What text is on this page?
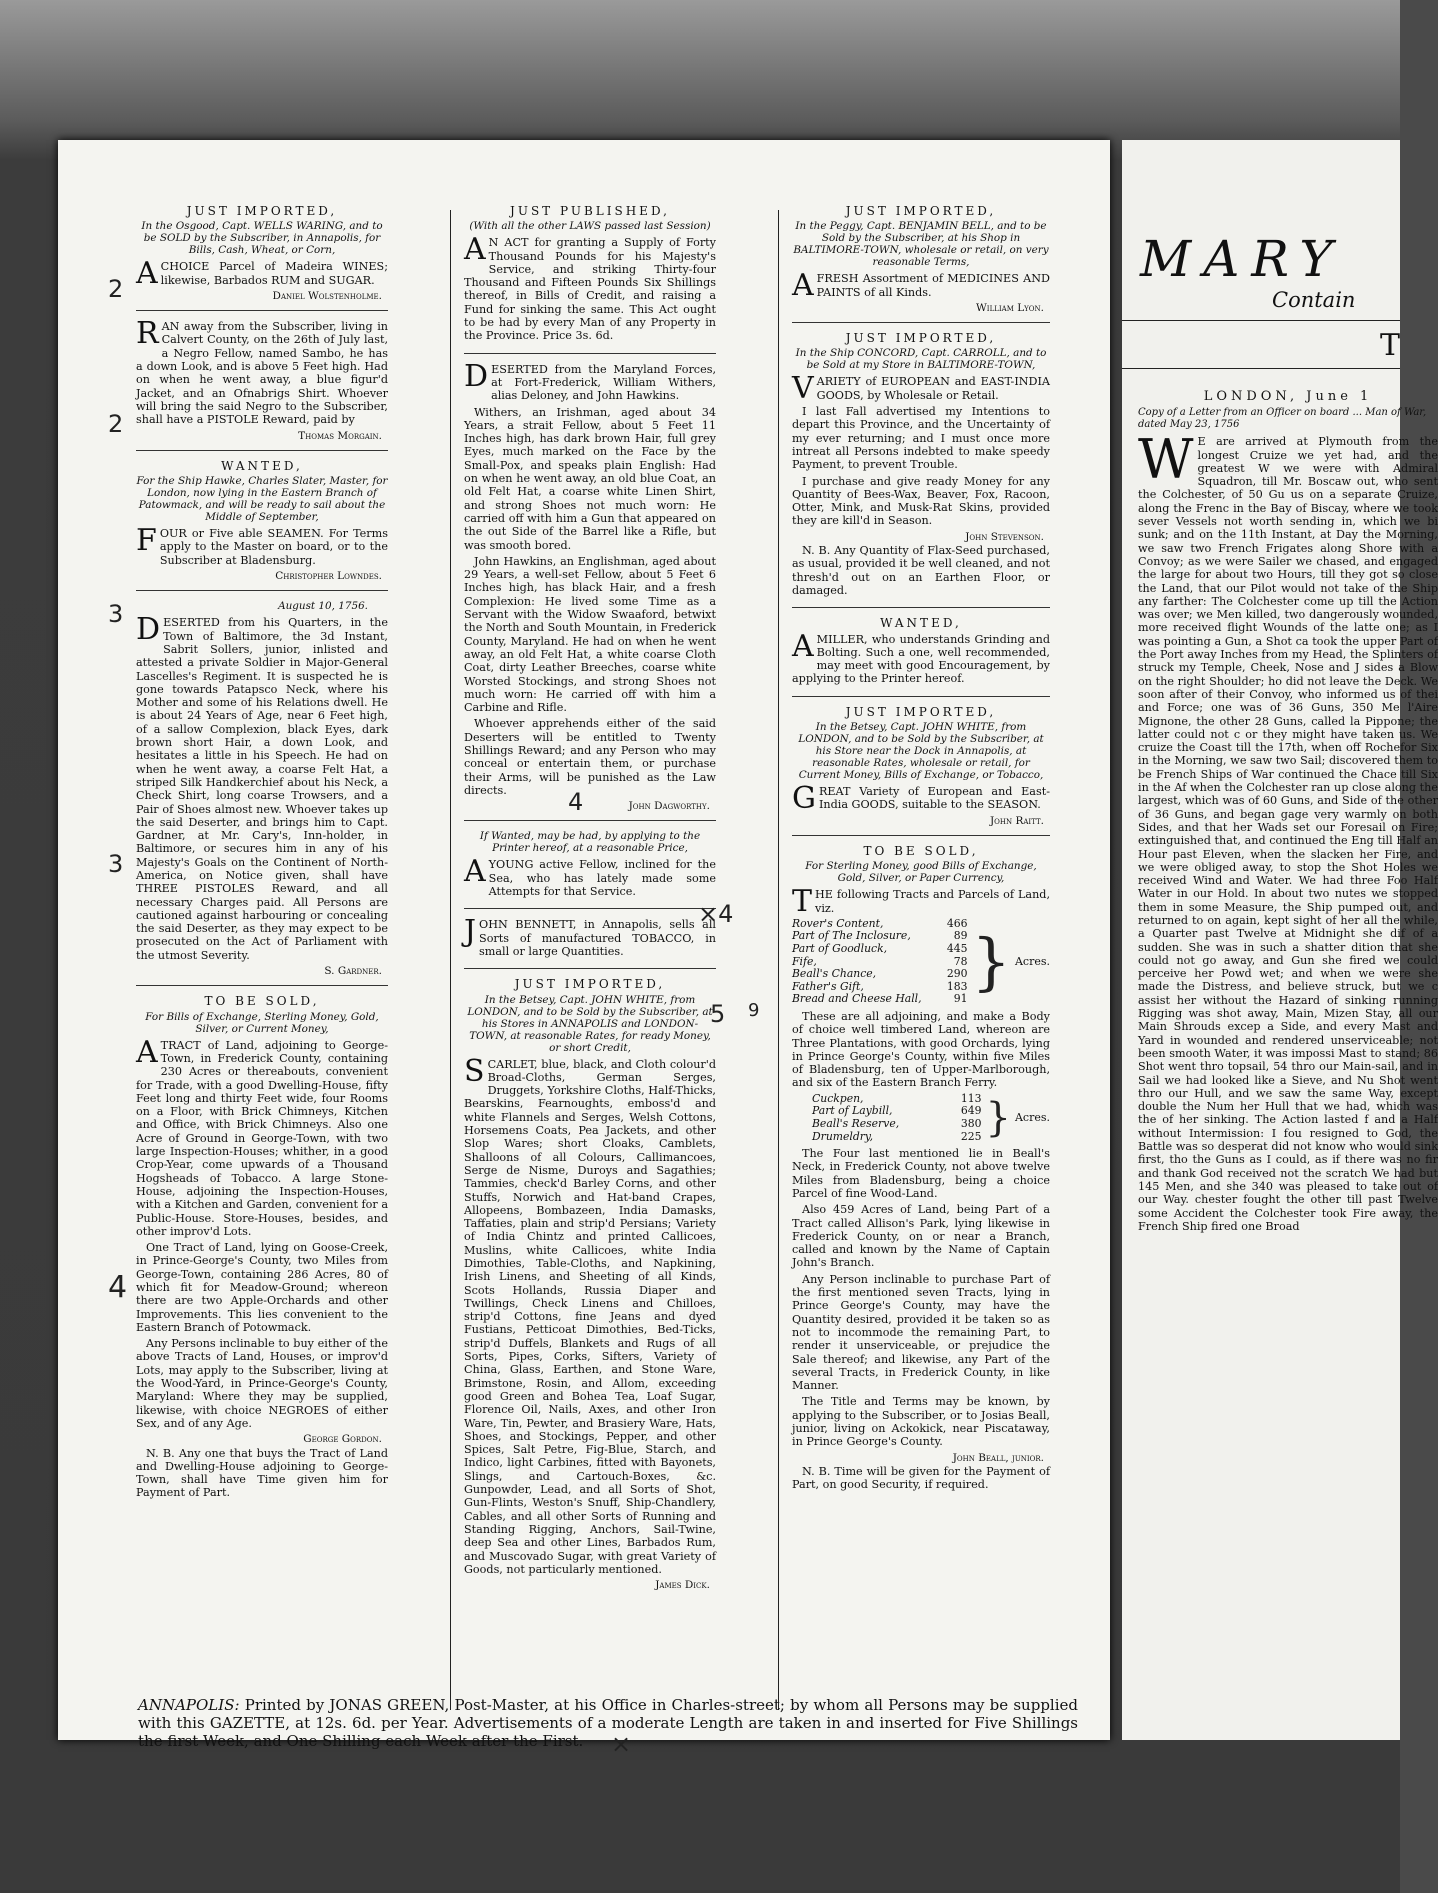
JUST IMPORTED,
In the Osgood, Capt. WELLS WARING, and to be SOLD by the Subscriber, in Annapolis, for Bills, Cash, Wheat, or Corn,

ACHOICE Parcel of Madeira WINES; likewise, Barbados RUM and SUGAR.

Daniel Wolstenholme.

RAN away from the Subscriber, living in Calvert County, on the 26th of July last, a Negro Fellow, named Sambo, he has a down Look, and is above 5 Feet high. Had on when he went away, a blue figur'd Jacket, and an Ofnabrigs Shirt. Whoever will bring the said Negro to the Subscriber, shall have a PISTOLE Reward, paid by

Thomas Morgain.
WANTED,
For the Ship Hawke, Charles Slater, Master, for London, now lying in the Eastern Branch of Patowmack, and will be ready to sail about the Middle of September,

FOUR or Five able SEAMEN. For Terms apply to the Master on board, or to the Subscriber at Bladensburg.

Christopher Lowndes.
August 10, 1756.

DESERTED from his Quarters, in the Town of Baltimore, the 3d Instant, Sabrit Sollers, junior, inlisted and attested a private Soldier in Major-General Lascelles's Regiment. It is suspected he is gone towards Patapsco Neck, where his Mother and some of his Relations dwell. He is about 24 Years of Age, near 6 Feet high, of a sallow Complexion, black Eyes, dark brown short Hair, a down Look, and hesitates a little in his Speech. He had on when he went away, a coarse Felt Hat, a striped Silk Handkerchief about his Neck, a Check Shirt, long coarse Trowsers, and a Pair of Shoes almost new. Whoever takes up the said Deserter, and brings him to Capt. Gardner, at Mr. Cary's, Inn-holder, in Baltimore, or secures him in any of his Majesty's Goals on the Continent of North-America, on Notice given, shall have THREE PISTOLES Reward, and all necessary Charges paid. All Persons are cautioned against harbouring or concealing the said Deserter, as they may expect to be prosecuted on the Act of Parliament with the utmost Severity.

S. Gardner.
TO BE SOLD,
For Bills of Exchange, Sterling Money, Gold, Silver, or Current Money,

ATRACT of Land, adjoining to George-Town, in Frederick County, containing 230 Acres or thereabouts, convenient for Trade, with a good Dwelling-House, fifty Feet long and thirty Feet wide, four Rooms on a Floor, with Brick Chimneys, Kitchen and Office, with Brick Chimneys. Also one Acre of Ground in George-Town, with two large Inspection-Houses; whither, in a good Crop-Year, come upwards of a Thousand Hogsheads of Tobacco. A large Stone-House, adjoining the Inspection-Houses, with a Kitchen and Garden, convenient for a Public-House. Store-Houses, besides, and other improv'd Lots.

One Tract of Land, lying on Goose-Creek, in Prince-George's County, two Miles from George-Town, containing 286 Acres, 80 of which fit for Meadow-Ground; whereon there are two Apple-Orchards and other Improvements. This lies convenient to the Eastern Branch of Potowmack.

Any Persons inclinable to buy either of the above Tracts of Land, Houses, or improv'd Lots, may apply to the Subscriber, living at the Wood-Yard, in Prince-George's County, Maryland: Where they may be supplied, likewise, with choice NEGROES of either Sex, and of any Age.

George Gordon.

N. B. Any one that buys the Tract of Land and Dwelling-House adjoining to George-Town, shall have Time given him for Payment of Part.

JUST PUBLISHED,
(With all the other LAWS passed last Session)

A N ACT for granting a Supply of Forty Thousand Pounds for his Majesty's Service, and striking Thirty-four Thousand and Fifteen Pounds Six Shillings thereof, in Bills of Credit, and raising a Fund for sinking the same. This Act ought to be had by every Man of any Property in the Province. Price 3s. 6d.

DESERTED from the Maryland Forces, at Fort-Frederick, William Withers, alias Deloney, and John Hawkins.

Withers, an Irishman, aged about 34 Years, a strait Fellow, about 5 Feet 11 Inches high, has dark brown Hair, full grey Eyes, much marked on the Face by the Small-Pox, and speaks plain English: Had on when he went away, an old blue Coat, an old Felt Hat, a coarse white Linen Shirt, and strong Shoes not much worn: He carried off with him a Gun that appeared on the out Side of the Barrel like a Rifle, but was smooth bored.

John Hawkins, an Englishman, aged about 29 Years, a well-set Fellow, about 5 Feet 6 Inches high, has black Hair, and a fresh Complexion: He lived some Time as a Servant with the Widow Swaaford, betwixt the North and South Mountain, in Frederick County, Maryland. He had on when he went away, an old Felt Hat, a white coarse Cloth Coat, dirty Leather Breeches, coarse white Worsted Stockings, and strong Shoes not much worn: He carried off with him a Carbine and Rifle.

Whoever apprehends either of the said Deserters will be entitled to Twenty Shillings Reward; and any Person who may conceal or entertain them, or purchase their Arms, will be punished as the Law directs.

John Dagworthy.
If Wanted, may be had, by applying to the Printer hereof, at a reasonable Price,

AYOUNG active Fellow, inclined for the Sea, who has lately made some Attempts for that Service.

JOHN BENNETT, in Annapolis, sells all Sorts of manufactured TOBACCO, in small or large Quantities.

JUST IMPORTED,
In the Betsey, Capt. JOHN WHITE, from LONDON, and to be Sold by the Subscriber, at his Stores in ANNAPOLIS and LONDON-TOWN, at reasonable Rates, for ready Money, or short Credit,

SCARLET, blue, black, and Cloth colour'd Broad-Cloths, German Serges, Druggets, Yorkshire Cloths, Half-Thicks, Bearskins, Fearnoughts, emboss'd and white Flannels and Serges, Welsh Cottons, Horsemens Coats, Pea Jackets, and other Slop Wares; short Cloaks, Camblets, Shalloons of all Colours, Callimancoes, Serge de Nisme, Duroys and Sagathies; Tammies, check'd Barley Corns, and other Stuffs, Norwich and Hat-band Crapes, Allopeens, Bombazeen, India Damasks, Taffaties, plain and strip'd Persians; Variety of India Chintz and printed Callicoes, Muslins, white Callicoes, white India Dimothies, Table-Cloths, and Napkining, Irish Linens, and Sheeting of all Kinds, Scots Hollands, Russia Diaper and Twillings, Check Linens and Chilloes, strip'd Cottons, fine Jeans and dyed Fustians, Petticoat Dimothies, Bed-Ticks, strip'd Duffels, Blankets and Rugs of all Sorts, Pipes, Corks, Sifters, Variety of China, Glass, Earthen, and Stone Ware, Brimstone, Rosin, and Allom, exceeding good Green and Bohea Tea, Loaf Sugar, Florence Oil, Nails, Axes, and other Iron Ware, Tin, Pewter, and Brasiery Ware, Hats, Shoes, and Stockings, Pepper, and other Spices, Salt Petre, Fig-Blue, Starch, and Indico, light Carbines, fitted with Bayonets, Slings, and Cartouch-Boxes, &c. Gunpowder, Lead, and all Sorts of Shot, Gun-Flints, Weston's Snuff, Ship-Chandlery, Cables, and all other Sorts of Running and Standing Rigging, Anchors, Sail-Twine, deep Sea and other Lines, Barbados Rum, and Muscovado Sugar, with great Variety of Goods, not particularly mentioned.

James Dick.
JUST IMPORTED,
In the Peggy, Capt. BENJAMIN BELL, and to be Sold by the Subscriber, at his Shop in BALTIMORE-TOWN, wholesale or retail, on very reasonable Terms,

AFRESH Assortment of MEDICINES AND PAINTS of all Kinds.

William Lyon.
JUST IMPORTED,
In the Ship CONCORD, Capt. CARROLL, and to be Sold at my Store in BALTIMORE-TOWN,

VARIETY of EUROPEAN and EAST-INDIA GOODS, by Wholesale or Retail.

I last Fall advertised my Intentions to depart this Province, and the Uncertainty of my ever returning; and I must once more intreat all Persons indebted to make speedy Payment, to prevent Trouble.

I purchase and give ready Money for any Quantity of Bees-Wax, Beaver, Fox, Racoon, Otter, Mink, and Musk-Rat Skins, provided they are kill'd in Season.

John Stevenson.

N. B. Any Quantity of Flax-Seed purchased, as usual, provided it be well cleaned, and not thresh'd out on an Earthen Floor, or damaged.

WANTED,

AMILLER, who understands Grinding and Bolting. Such a one, well recommended, may meet with good Encouragement, by applying to the Printer hereof.

JUST IMPORTED,
In the Betsey, Capt. JOHN WHITE, from LONDON, and to be Sold by the Subscriber, at his Store near the Dock in Annapolis, at reasonable Rates, wholesale or retail, for Current Money, Bills of Exchange, or Tobacco,

GREAT Variety of European and East-India GOODS, suitable to the SEASON.

John Raitt.
TO BE SOLD,
For Sterling Money, good Bills of Exchange, Gold, Silver, or Paper Currency,

THE following Tracts and Parcels of Land, viz.

Rover's Content,	466
Part of The Inclosure,	89
Part of Goodluck,	445
Fife,	78
Beall's Chance,	290
Father's Gift,	183
Bread and Cheese Hall,	91
} Acres.

These are all adjoining, and make a Body of choice well timbered Land, whereon are Three Plantations, with good Orchards, lying in Prince George's County, within five Miles of Bladensburg, ten of Upper-Marlborough, and six of the Eastern Branch Ferry.

Cuckpen,	113
Part of Laybill,	649
Beall's Reserve,	380
Drumeldry,	225 } Acres.

The Four last mentioned lie in Beall's Neck, in Frederick County, not above twelve Miles from Bladensburg, being a choice Parcel of fine Wood-Land.

Also 459 Acres of Land, being Part of a Tract called Allison's Park, lying likewise in Frederick County, on or near a Branch, called and known by the Name of Captain John's Branch.

Any Person inclinable to purchase Part of the first mentioned seven Tracts, lying in Prince George's County, may have the Quantity desired, provided it be taken so as not to incommode the remaining Part, to render it unserviceable, or prejudice the Sale thereof; and likewise, any Part of the several Tracts, in Frederick County, in like Manner.

The Title and Terms may be known, by applying to the Subscriber, or to Josias Beall, junior, living on Ackokick, near Piscataway, in Prince George's County.

John Beall, junior.

N. B. Time will be given for the Payment of Part, on good Security, if required.

ANNAPOLIS: Printed by JONAS GREEN, Post-Master, at his Office in Charles-street; by whom all Persons may be supplied with this GAZETTE, at 12s. 6d. per Year. Advertisements of a moderate Length are taken in and inserted for Five Shillings the first Week, and One Shilling each Week after the First.
2
2
3
3
4
4
×4
5 9
×
MARY
Contain
T
LONDON, June 1
Copy of a Letter from an Officer on board ... Man of War, dated May 23, 1756

W E are arrived at Plymouth from the longest Cruize we yet had, and the greatest W we were with Admiral Squadron, till Mr. Boscaw out, who sent the Colchester, of 50 Gu us on a separate Cruize, along the Frenc in the Bay of Biscay, where we took sever Vessels not worth sending in, which we bi sunk; and on the 11th Instant, at Day the Morning, we saw two French Frigates along Shore with a Convoy; as we were Sailer we chased, and engaged the large for about two Hours, till they got so close the Land, that our Pilot would not take of the Ship any farther: The Colchester come up till the Action was over; we Men killed, two dangerously wounded, more received flight Wounds of the latte one; as I was pointing a Gun, a Shot ca took the upper Part of the Port away Inches from my Head, the Splinters of struck my Temple, Cheek, Nose and J sides a Blow on the right Shoulder; ho did not leave the Deck. We soon after of their Convoy, who informed us of thei and Force; one was of 36 Guns, 350 Me l'Aire Mignone, the other 28 Guns, called la Pippone; the latter could not c or they might have taken us. We cruize the Coast till the 17th, when off Rochefor Six in the Morning, we saw two Sail; discovered them to be French Ships of War continued the Chace till Six in the Af when the Colchester ran up close along the largest, which was of 60 Guns, and Side of the other of 36 Guns, and began gage very warmly on both Sides, and that her Wads set our Foresail on Fire; extinguished that, and continued the Eng till Half an Hour past Eleven, when the slacken her Fire, and we were obliged away, to stop the Shot Holes we received Wind and Water. We had three Foo Half Water in our Hold. In about two nutes we stopped them in some Measure, the Ship pumped out, and returned to on again, kept sight of her all the while, a Quarter past Twelve at Midnight she dif of a sudden. She was in such a shatter dition that she could not go away, and Gun she fired we could perceive her Powd wet; and when we were she made the Distress, and believe struck, but we c assist her without the Hazard of sinking running Rigging was shot away, Main, Mizen Stay, all our Main Shrouds excep a Side, and every Mast and Yard in wounded and rendered unserviceable; not been smooth Water, it was impossi Mast to stand; 86 Shot went thro topsail, 54 thro our Main-sail, and in Sail we had looked like a Sieve, and Nu Shot went thro our Hull, and we saw the same Way, except double the Num her Hull that we had, which was the of her sinking. The Action lasted f and a Half without Intermission: I fou resigned to God, the Battle was so desperat did not know who would sink first, tho the Guns as I could, as if there was no fir and thank God received not the scratch We had but 145 Men, and she 340 was pleased to take out of our Way. chester fought the other till past Twelve some Accident the Colchester took Fire away, the French Ship fired one Broad
